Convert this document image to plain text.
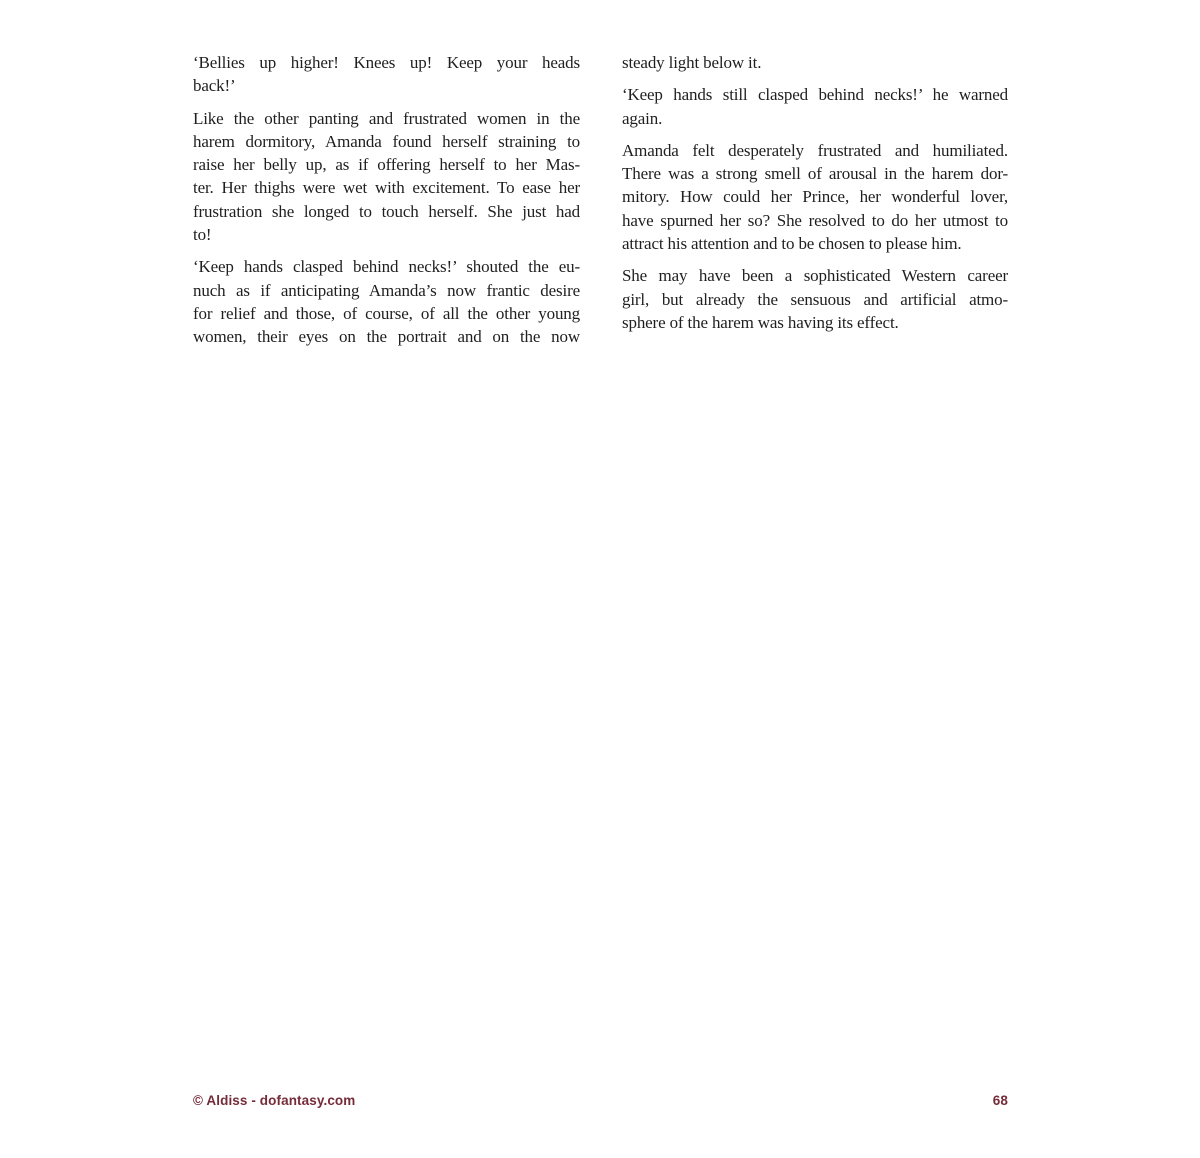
‘Bellies up higher! Knees up! Keep your heads
back!’
Like the other panting and frustrated women in the
harem dormitory, Amanda found herself straining to
raise her belly up, as if offering herself to her Mas-
ter. Her thighs were wet with excitement. To ease her
frustration she longed to touch herself. She just had
to!
‘Keep hands clasped behind necks!’ shouted the eu-
nuch as if anticipating Amanda’s now frantic desire
for relief and those, of course, of all the other young
women, their eyes on the portrait and on the now
steady light below it.
‘Keep hands still clasped behind necks!’ he warned
again.
Amanda felt desperately frustrated and humiliated.
There was a strong smell of arousal in the harem dor-
mitory. How could her Prince, her wonderful lover,
have spurned her so? She resolved to do her utmost to
attract his attention and to be chosen to please him.
She may have been a sophisticated Western career
girl, but already the sensuous and artificial atmo-
sphere of the harem was having its effect.
© Aldiss - dofantasy.com	68
